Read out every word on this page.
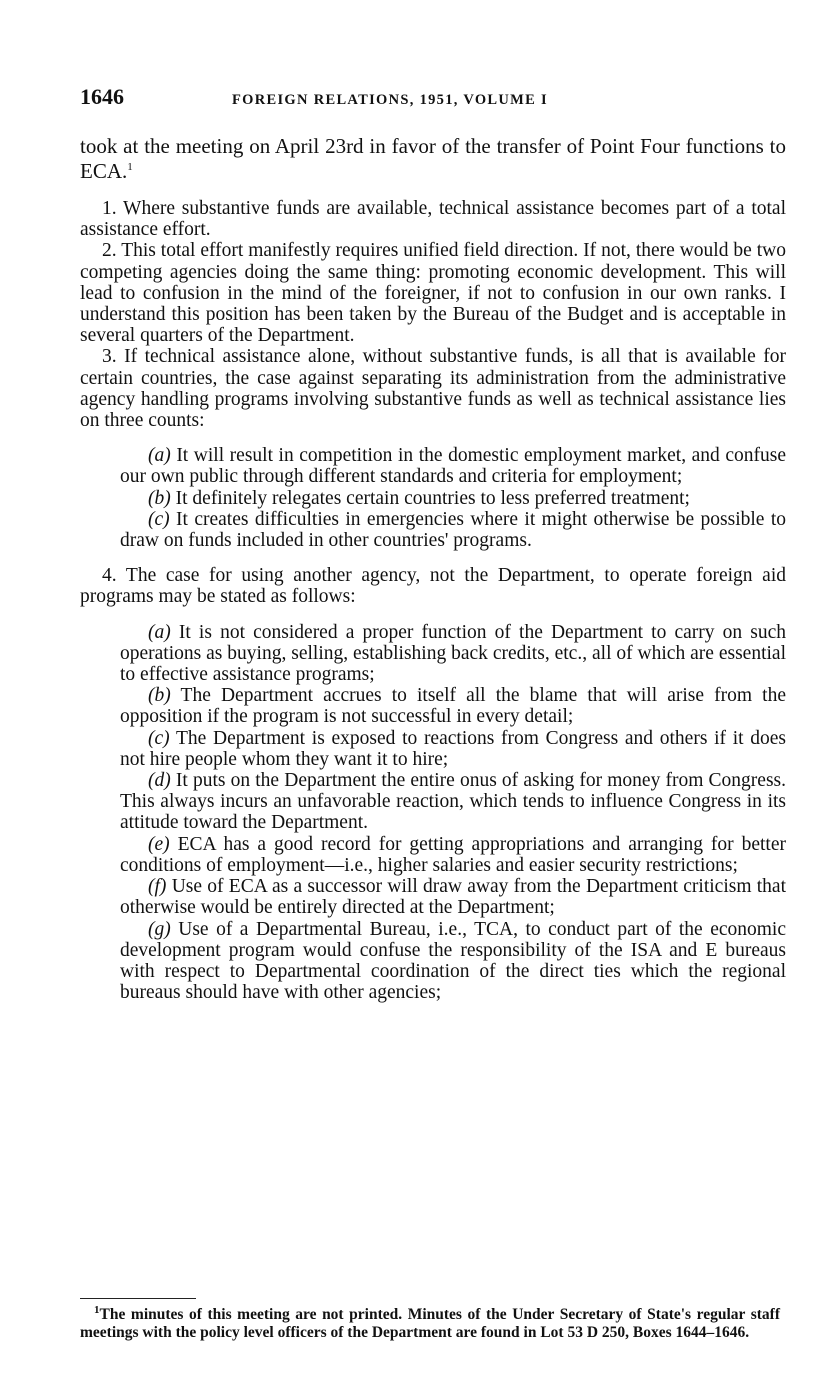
1646	FOREIGN RELATIONS, 1951, VOLUME I

took at the meeting on April 23rd in favor of the transfer of Point Four functions to ECA.$^1$

1. Where substantive funds are available, technical assistance becomes part of a total assistance effort.

2. This total effort manifestly requires unified field direction. If not, there would be two competing agencies doing the same thing: promoting economic development. This will lead to confusion in the mind of the foreigner, if not to confusion in our own ranks. I understand this position has been taken by the Bureau of the Budget and is acceptable in several quarters of the Department.

3. If technical assistance alone, without substantive funds, is all that is available for certain countries, the case against separating its administration from the administrative agency handling programs involving substantive funds as well as technical assistance lies on three counts:

(a) It will result in competition in the domestic employment market, and confuse our own public through different standards and criteria for employment;

(b) It definitely relegates certain countries to less preferred treatment;

(c) It creates difficulties in emergencies where it might otherwise be possible to draw on funds included in other countries' programs.

4. The case for using another agency, not the Department, to operate foreign aid programs may be stated as follows:

(a) It is not considered a proper function of the Department to carry on such operations as buying, selling, establishing back credits, etc., all of which are essential to effective assistance programs;

(b) The Department accrues to itself all the blame that will arise from the opposition if the program is not successful in every detail;

(c) The Department is exposed to reactions from Congress and others if it does not hire people whom they want it to hire;

(d) It puts on the Department the entire onus of asking for money from Congress. This always incurs an unfavorable reaction, which tends to influence Congress in its attitude toward the Department.

(e) ECA has a good record for getting appropriations and arranging for better conditions of employment—i.e., higher salaries and easier security restrictions;

(f) Use of ECA as a successor will draw away from the Department criticism that otherwise would be entirely directed at the Department;

(g) Use of a Departmental Bureau, i.e., TCA, to conduct part of the economic development program would confuse the responsibility of the ISA and E bureaus with respect to Departmental coordination of the direct ties which the regional bureaus should have with other agencies;

$^1$The minutes of this meeting are not printed. Minutes of the Under Secretary of State's regular staff meetings with the policy level officers of the Department are found in Lot 53 D 250, Boxes 1644–1646.
